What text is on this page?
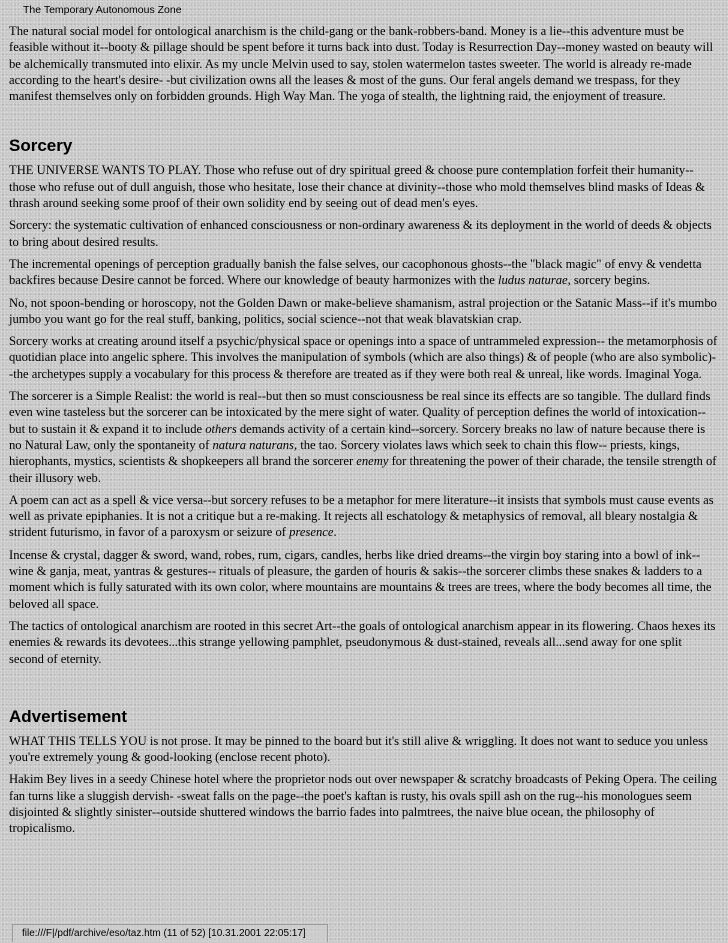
The Temporary Autonomous Zone

The natural social model for ontological anarchism is the child-gang or the bank-robbers-band. Money is a lie--this adventure must be feasible without it--booty & pillage should be spent before it turns back into dust. Today is Resurrection Day--money wasted on beauty will be alchemically transmuted into elixir. As my uncle Melvin used to say, stolen watermelon tastes sweeter. The world is already re-made according to the heart's desire- -but civilization owns all the leases & most of the guns. Our feral angels demand we trespass, for they manifest themselves only on forbidden grounds. High Way Man. The yoga of stealth, the lightning raid, the enjoyment of treasure.

Sorcery

THE UNIVERSE WANTS TO PLAY. Those who refuse out of dry spiritual greed & choose pure contemplation forfeit their humanity--those who refuse out of dull anguish, those who hesitate, lose their chance at divinity--those who mold themselves blind masks of Ideas & thrash around seeking some proof of their own solidity end by seeing out of dead men's eyes.

Sorcery: the systematic cultivation of enhanced consciousness or non-ordinary awareness & its deployment in the world of deeds & objects to bring about desired results.

The incremental openings of perception gradually banish the false selves, our cacophonous ghosts--the "black magic" of envy & vendetta backfires because Desire cannot be forced. Where our knowledge of beauty harmonizes with the ludus naturae, sorcery begins.

No, not spoon-bending or horoscopy, not the Golden Dawn or make-believe shamanism, astral projection or the Satanic Mass--if it's mumbo jumbo you want go for the real stuff, banking, politics, social science--not that weak blavatskian crap.

Sorcery works at creating around itself a psychic/physical space or openings into a space of untrammeled expression-- the metamorphosis of quotidian place into angelic sphere. This involves the manipulation of symbols (which are also things) & of people (who are also symbolic)--the archetypes supply a vocabulary for this process & therefore are treated as if they were both real & unreal, like words. Imaginal Yoga.

The sorcerer is a Simple Realist: the world is real--but then so must consciousness be real since its effects are so tangible. The dullard finds even wine tasteless but the sorcerer can be intoxicated by the mere sight of water. Quality of perception defines the world of intoxication--but to sustain it & expand it to include others demands activity of a certain kind--sorcery. Sorcery breaks no law of nature because there is no Natural Law, only the spontaneity of natura naturans, the tao. Sorcery violates laws which seek to chain this flow-- priests, kings, hierophants, mystics, scientists & shopkeepers all brand the sorcerer enemy for threatening the power of their charade, the tensile strength of their illusory web.

A poem can act as a spell & vice versa--but sorcery refuses to be a metaphor for mere literature--it insists that symbols must cause events as well as private epiphanies. It is not a critique but a re-making. It rejects all eschatology & metaphysics of removal, all bleary nostalgia & strident futurismo, in favor of a paroxysm or seizure of presence.

Incense & crystal, dagger & sword, wand, robes, rum, cigars, candles, herbs like dried dreams--the virgin boy staring into a bowl of ink--wine & ganja, meat, yantras & gestures-- rituals of pleasure, the garden of houris & sakis--the sorcerer climbs these snakes & ladders to a moment which is fully saturated with its own color, where mountains are mountains & trees are trees, where the body becomes all time, the beloved all space.

The tactics of ontological anarchism are rooted in this secret Art--the goals of ontological anarchism appear in its flowering. Chaos hexes its enemies & rewards its devotees...this strange yellowing pamphlet, pseudonymous & dust-stained, reveals all...send away for one split second of eternity.

Advertisement

WHAT THIS TELLS YOU is not prose. It may be pinned to the board but it's still alive & wriggling. It does not want to seduce you unless you're extremely young & good-looking (enclose recent photo).

Hakim Bey lives in a seedy Chinese hotel where the proprietor nods out over newspaper & scratchy broadcasts of Peking Opera. The ceiling fan turns like a sluggish dervish- -sweat falls on the page--the poet's kaftan is rusty, his ovals spill ash on the rug--his monologues seem disjointed & slightly sinister--outside shuttered windows the barrio fades into palmtrees, the naive blue ocean, the philosophy of tropicalismo.

file:///F|/pdf/archive/eso/taz.htm (11 of 52) [10.31.2001 22:05:17]
